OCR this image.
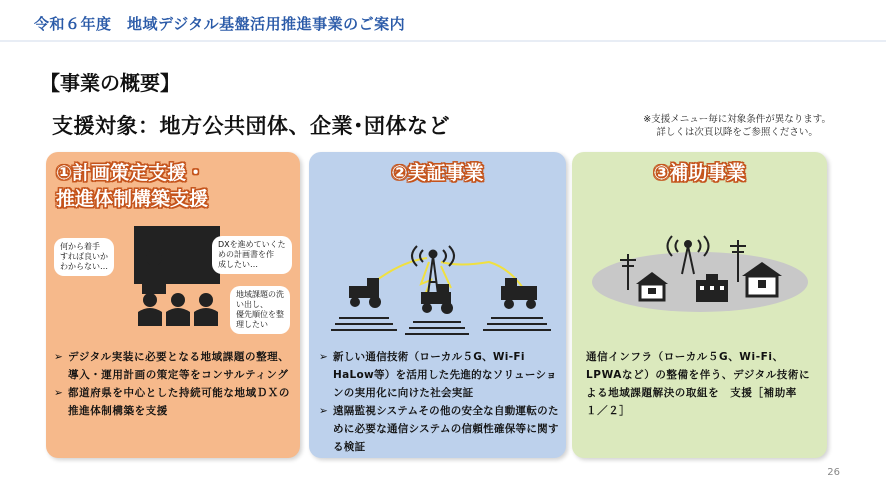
令和６年度　地域デジタル基盤活用推進事業のご案内
【事業の概要】
支援対象：地方公共団体、企業･団体など	※支援メニュー毎に対象条件が異なります。
詳しくは次頁以降をご参照ください。
①計画策定支援・
推進体制構築支援
何から着手
すれば良いか
わからない…
DXを進めていくた
めの計画書を作
成したい…
地域課題の洗
い出し、
優先順位を整
理したい
➢ デジタル実装に必要となる地域課題の整理、導入・運用計画の策定等をコンサルティング
➢ 都道府県を中心とした持続可能な地域ＤＸの推進体制構築を支援
②実証事業
➢ 新しい通信技術（ローカル５G、Wi-Fi HaLow等）を活用した先進的なソリューションの実用化に向けた社会実証
➢ 遠隔監視システムその他の安全な自動運転のために必要な通信システムの信頼性確保等に関する検証
③補助事業
通信インフラ（ローカル５G、Wi-Fi、LPWAなど）の整備を伴う、デジタル技術による地域課題解決の取組を　支援［補助率　１／２］
26
